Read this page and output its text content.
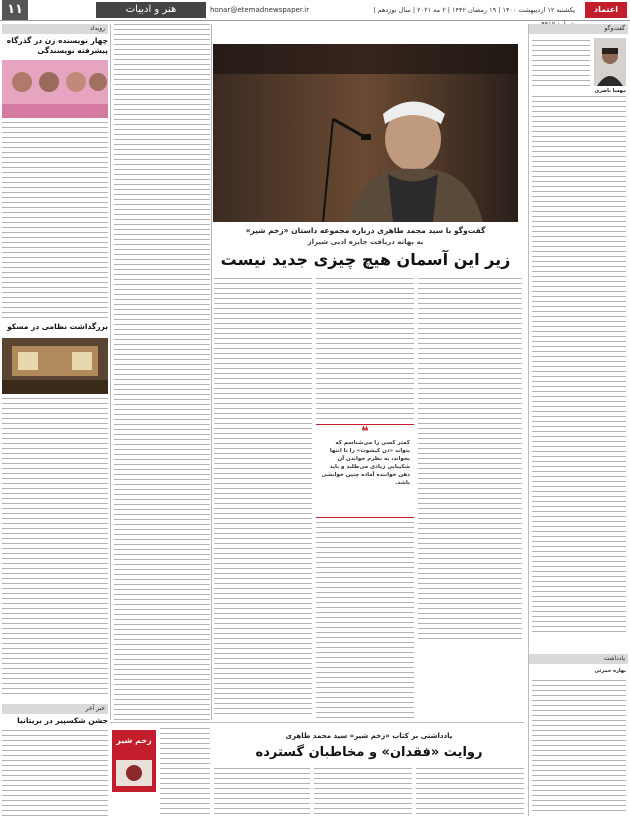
۱۱	هنر و ادبیات	honar@etemadnewspaper.ir	یکشنبه ۱۲ اردیبهشت ۱۴۰۰ | ۱۹ رمضان ۱۴۴۲ | ۲ مه ۲۰۲۱ | سال نوزدهم |	اعتماد
گفت‌وگو
مهسا ناصری
یادداشت
بهاره حمزئی
گفت‌وگو با سید محمد طاهری درباره مجموعه داستان «زخم شیر»
به بهانه دریافت جایزه ادبی شیراز
زیر این آسمان هیچ چیزی جدید نیست
❝
کمتر کسی را می‌شناسم که بتواند «دن کیشوت» را تا انتها بخواند، به نظرم خواندن آن شکیبایی زیادی می‌طلبد و باید ذهن خواننده آماده چنین خوانشی باشد.
یادداشتی بر کتاب «زخم شیر» سید محمد طاهری
روایت «فقدان» و مخاطبان گسترده
زخم شیر
رویداد
چهار نویسنده زن در گذرگاه پیشرفته نویسندگی
بزرگداشت نظامی در مسکو
خبر آخر
جشن شکسپیر در بریتانیا
